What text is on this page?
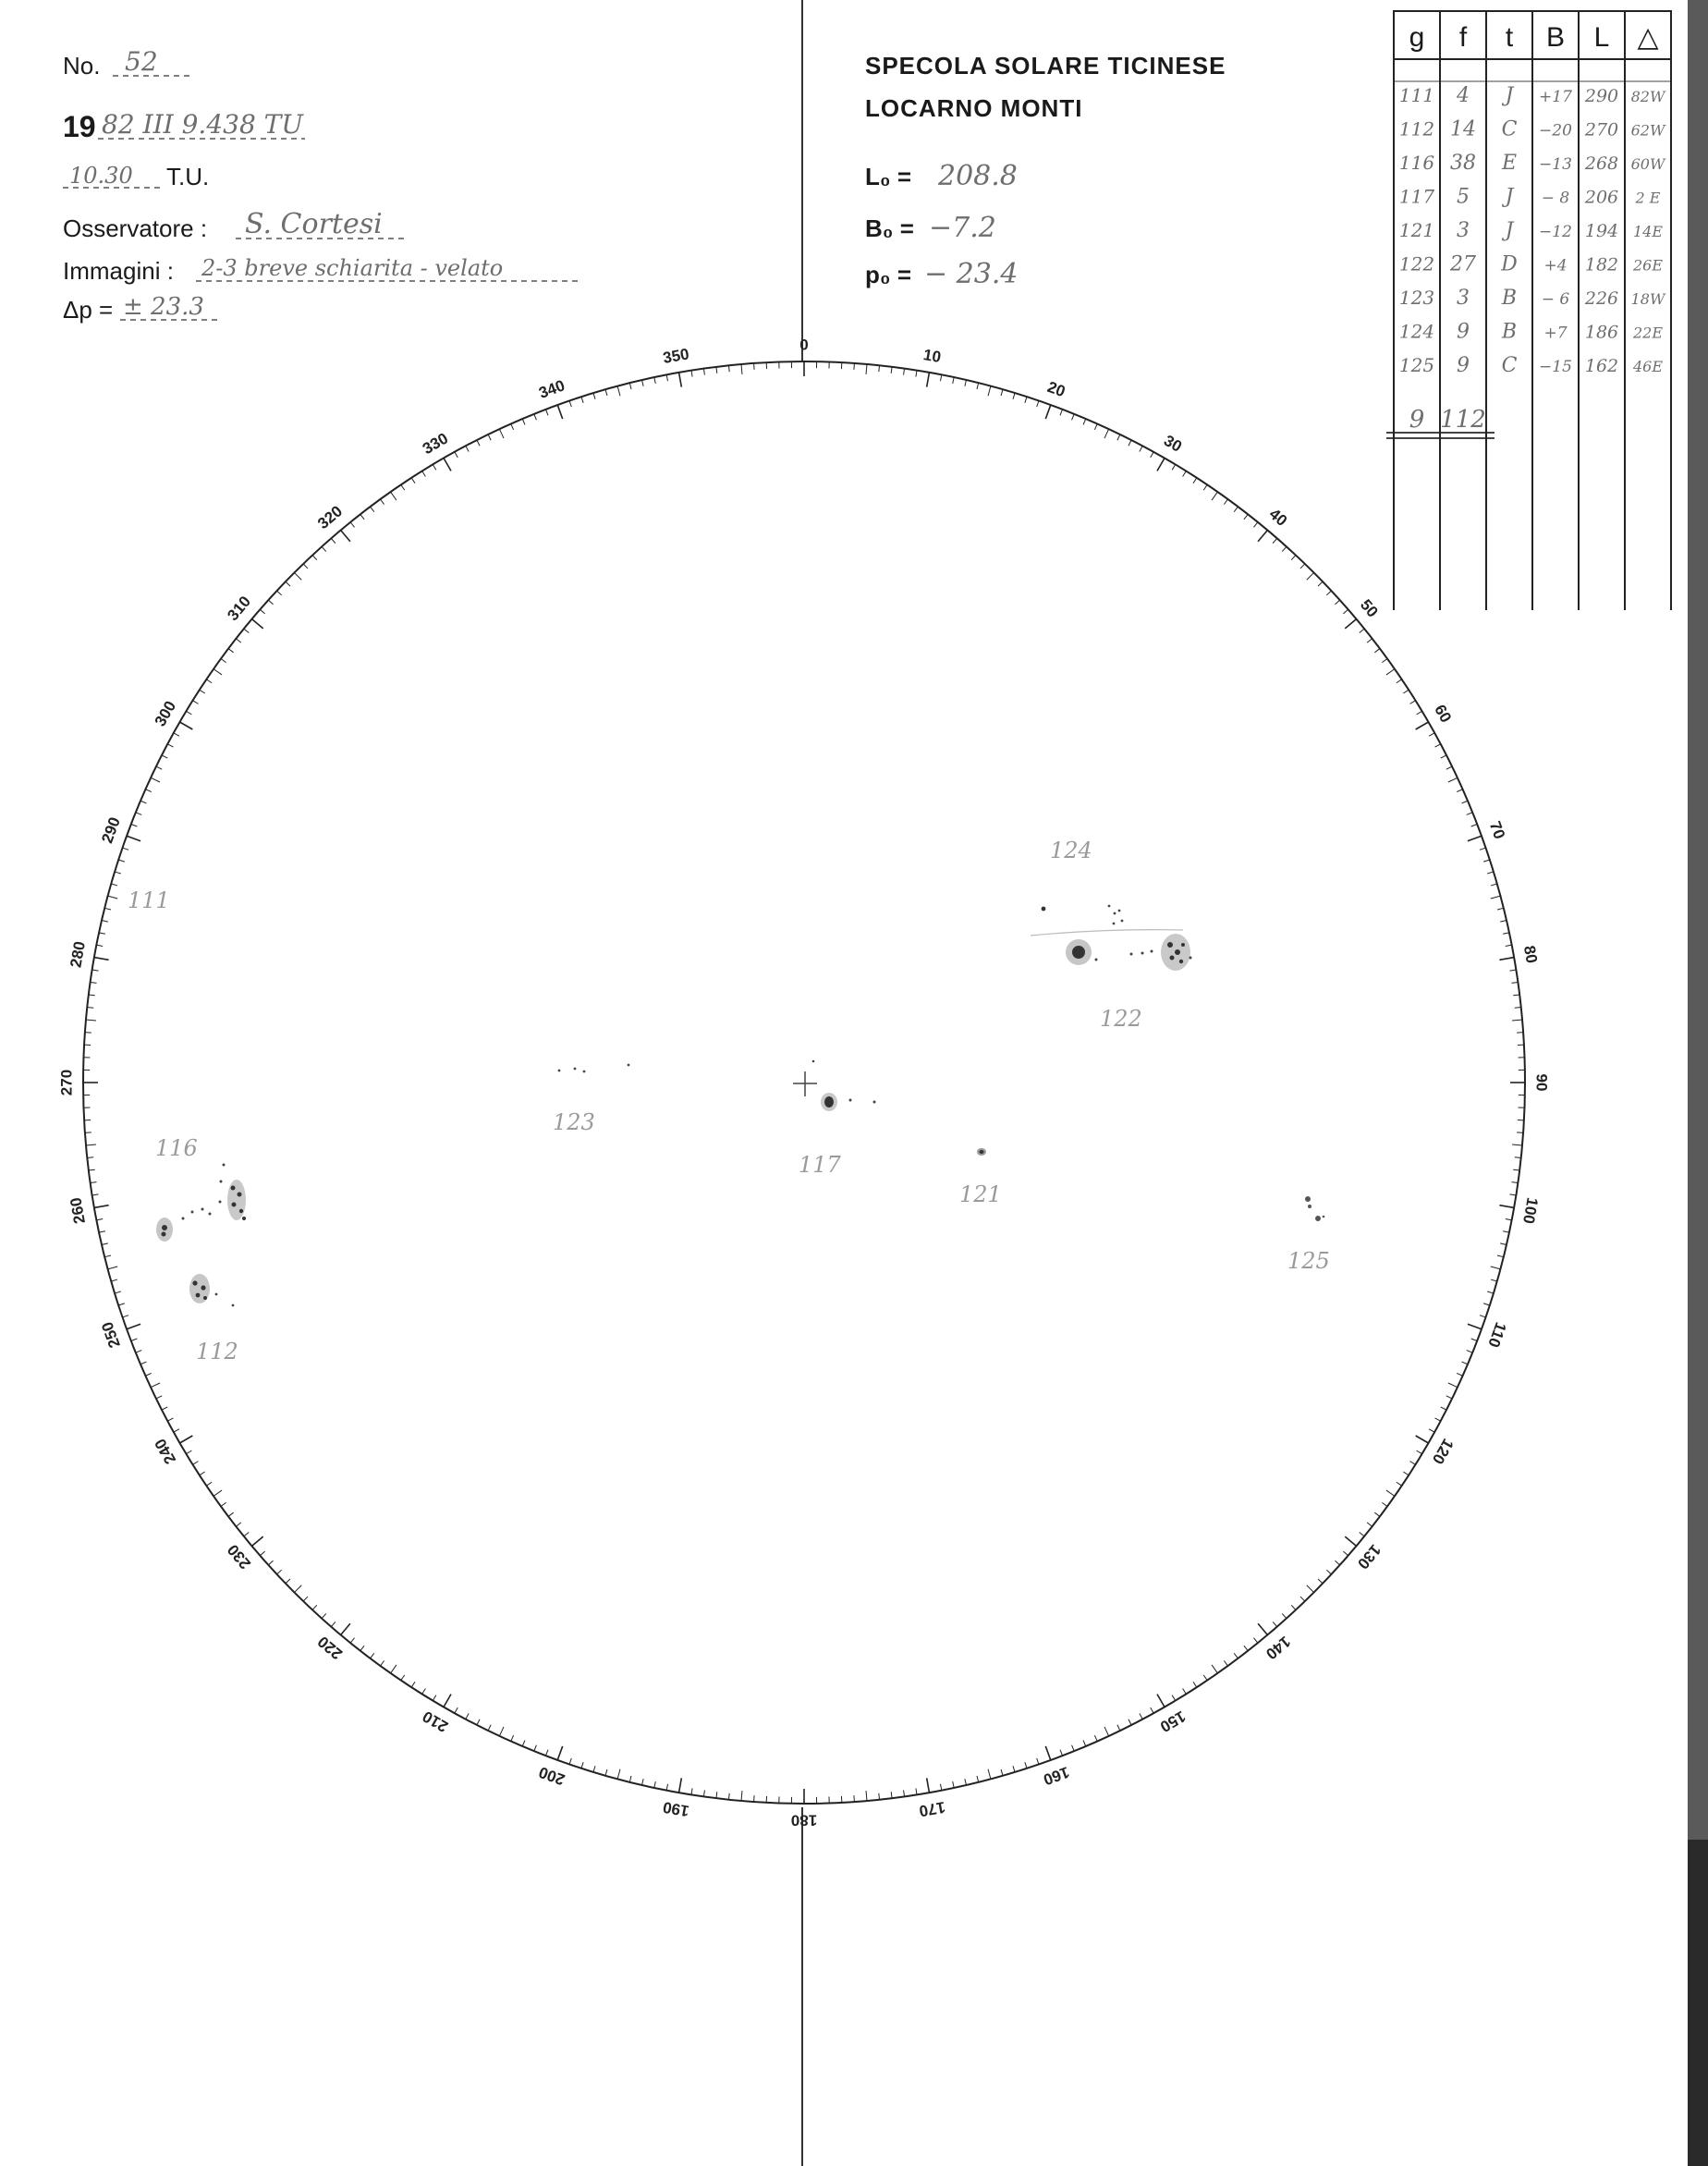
No. 52
19 82 III 9.438 TU
10.30 T.U.
Osservatore : S. Cortesi
Immagini : 2-3 breve schiarita - velato
Δp = ± 23.3
SPECOLA SOLARE TICINESE
LOCARNO MONTI
L₀ = 208.8
B₀ = −7.2
p₀ = − 23.4
g f t B L △
111 4 J +17 290 82W
112 14 C −20 270 62W
116 38 E −13 268 60W
117 5 J − 8 206 2 E
121 3 J −12 194 14E
122 27 D +4 182 26E
123 3 B − 6 226 18W
124 9 B +7 186 22E
125 9 C −15 162 46E
9 112
0
10
20
30
40
50
60
70
80
90
100
110
120
130
140
150
160
170
180
190
200
210
220
230
240
250
260
270
280
290
300
310
320
330
340
350
111
112
116
117
121
122
123
124
125
